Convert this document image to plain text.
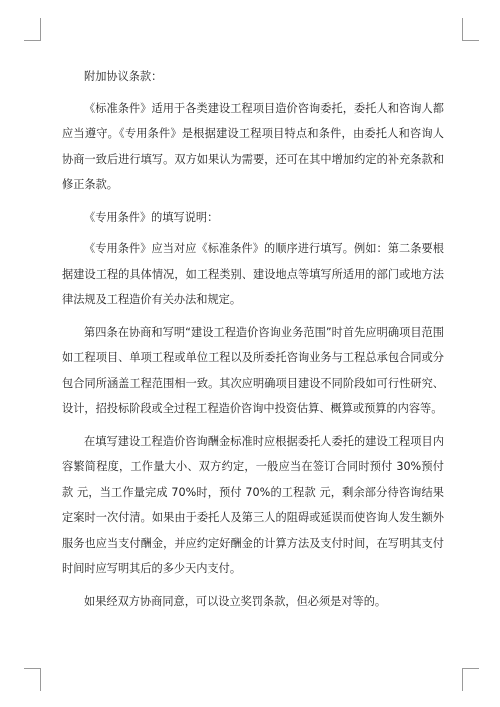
附加协议条款：

《标准条件》适用于各类建设工程项目造价咨询委托，委托人和咨询人都应当遵守。《专用条件》是根据建设工程项目特点和条件，由委托人和咨询人协商一致后进行填写。双方如果认为需要，还可在其中增加约定的补充条款和修正条款。

《专用条件》的填写说明：

《专用条件》应当对应《标准条件》的顺序进行填写。例如：第二条要根据建设工程的具体情况，如工程类别、建设地点等填写所适用的部门或地方法律法规及工程造价有关办法和规定。

第四条在协商和写明“建设工程造价咨询业务范围”时首先应明确项目范围如工程项目、单项工程或单位工程以及所委托咨询业务与工程总承包合同或分包合同所涵盖工程范围相一致。其次应明确项目建设不同阶段如可行性研究、设计，招投标阶段或全过程工程造价咨询中投资估算、概算或预算的内容等。

在填写建设工程造价咨询酬金标准时应根据委托人委托的建设工程项目内容繁简程度，工作量大小、双方约定，一般应当在签订合同时预付 30%预付款 元，当工作量完成 70%时，预付 70%的工程款 元，剩余部分待咨询结果定案时一次付清。如果由于委托人及第三人的阻碍或延误而使咨询人发生额外服务也应当支付酬金，并应约定好酬金的计算方法及支付时间，在写明其支付时间时应写明其后的多少天内支付。

如果经双方协商同意，可以设立奖罚条款，但必须是对等的。
